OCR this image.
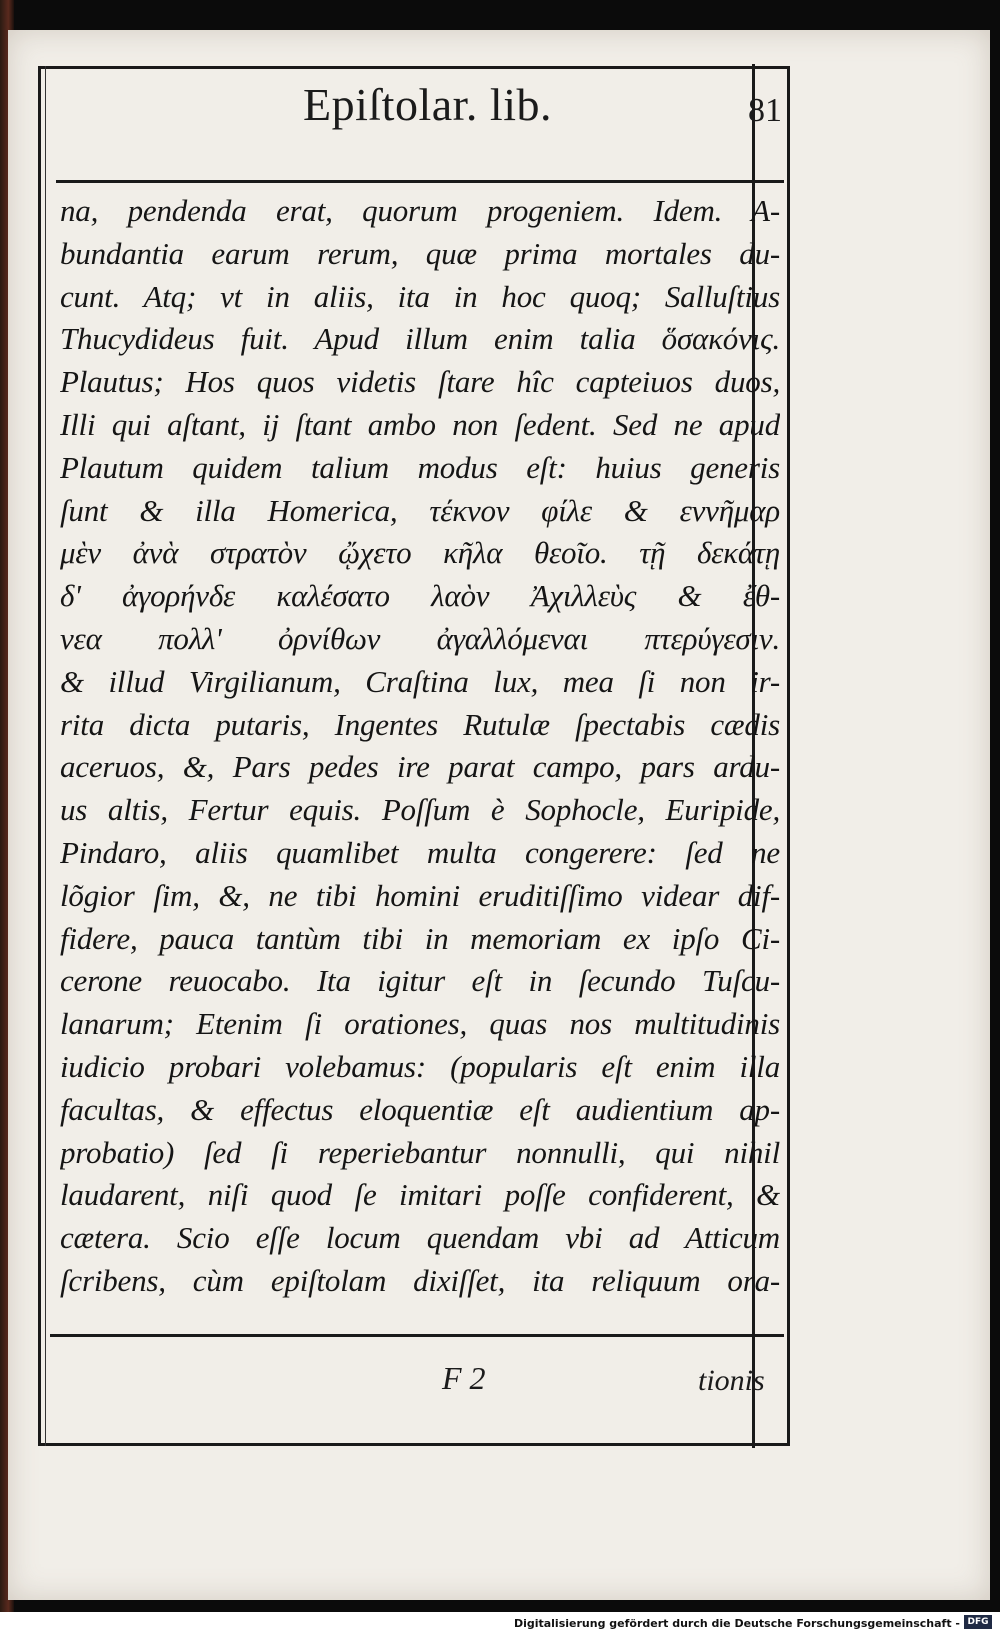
Epiſtolar. lib.	81
na, pendenda erat, quorum progeniem. Idem. A-
bundantia earum rerum, quæ prima mortales du-
cunt. Atq; vt in aliis, ita in hoc quoq; Salluſtius
Thucydideus fuit. Apud illum enim talia ὅσακόνις.
Plautus; Hos quos videtis ſtare hîc capteiuos duos,
Illi qui aſtant, ij ſtant ambo non ſedent. Sed ne apud
Plautum quidem talium modus eſt: huius generis
ſunt & illa Homerica, τέκνον φίλε & εννῆμαρ
μὲν ἀνὰ στρατὸν ᾤχετο κῆλα θεοῖο. τῇ δεκάτῃ
δ' ἀγορήνδε καλέσατο λαὸν Ἀχιλλεὺς & ἔθ-
νεα πολλ' ὀρνίθων ἀγαλλόμεναι πτερύγεσιν.
& illud Virgilianum, Craſtina lux, mea ſi non ir-
rita dicta putaris, Ingentes Rutulæ ſpectabis cædis
aceruos, &, Pars pedes ire parat campo, pars ardu-
us altis, Fertur equis. Poſſum è Sophocle, Euripide,
Pindaro, aliis quamlibet multa congerere: ſed ne
lõgior ſim, &, ne tibi homini eruditiſſimo videar dif-
fidere, pauca tantùm tibi in memoriam ex ipſo Ci-
cerone reuocabo. Ita igitur eſt in ſecundo Tuſcu-
lanarum; Etenim ſi orationes, quas nos multitudinis
iudicio probari volebamus: (popularis eſt enim illa
facultas, & effectus eloquentiæ eſt audientium ap-
probatio) ſed ſi reperiebantur nonnulli, qui nihil
laudarent, niſi quod ſe imitari poſſe confiderent, &
cætera. Scio eſſe locum quendam vbi ad Atticum
ſcribens, cùm epiſtolam dixiſſet, ita reliquum ora-
F 2	tionis
Digitalisierung gefördert durch die Deutsche Forschungsgemeinschaft - DFG
